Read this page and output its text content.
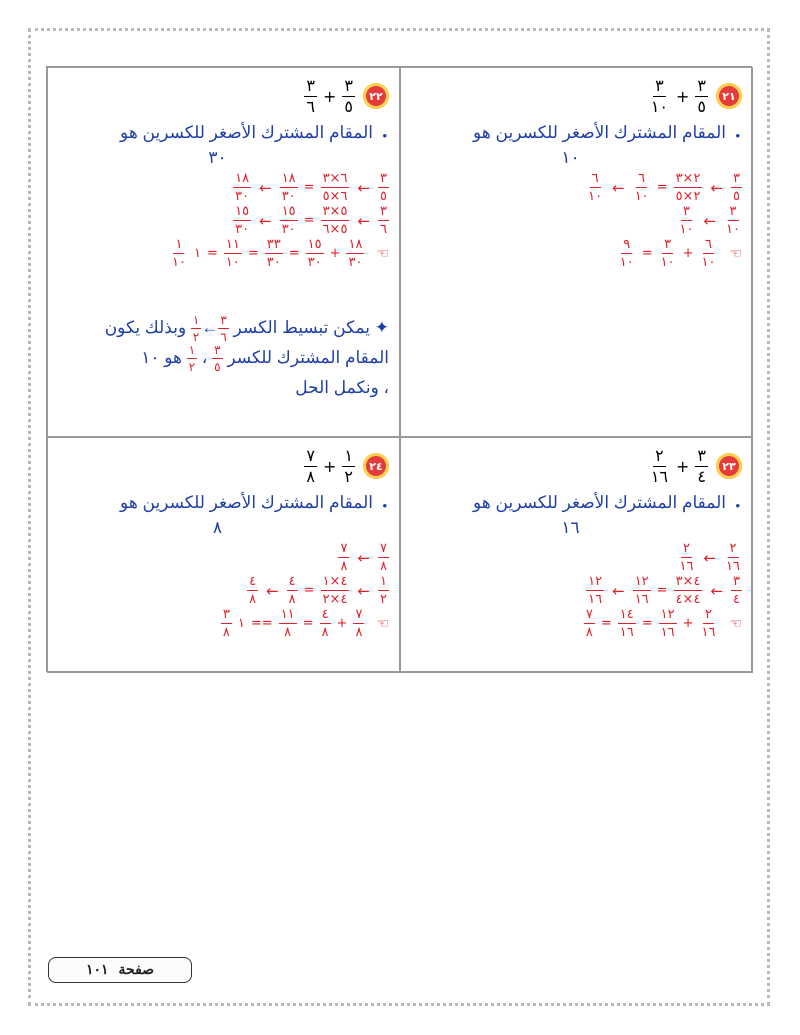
٢١
٣
١٠
+
٣
٥
•
المقام المشترك الأصغر للكسرين هو
١٠
٦
١٠ ← ٦
١٠
=
٢×٣
٢×٥ ← ٣
٥
٣
١٠ ← ٣
١٠
٩
١٠
=
٣
١٠
+
٦
١٠
☜
٢٢
٣
٦
+
٣
٥
•
المقام المشترك الأصغر للكسرين هو
٣٠
١٨
٣٠ ← ١٨
٣٠
=
٦×٣
٦×٥ ← ٣
٥
١٥
٣٠ ← ١٥
٣٠
=
٥×٣
٥×٦ ← ٣
٦
١
١٠
١ =
١١
١٠
=
٣٣
٣٠
=
١٥
٣٠
+
١٨
٣٠
☜
✦ يمكن تبسيط الكسر
٣
٦
←
١
٢
وبذلك يكون
المقام المشترك للكسر
٣
٥
،
١
٢
هو ١٠
، ونكمل الحل
٢٣
٢
١٦
+
٣
٤
•
المقام المشترك الأصغر للكسرين هو
١٦
٢
١٦ ← ٢
١٦
١٢
١٦ ← ١٢
١٦
=
٤×٣
٤×٤ ← ٣
٤
٧
٨
=
١٤
١٦
=
١٢
١٦
+
٢
١٦
☜
٢٤
٧
٨
+
١
٢
•
المقام المشترك الأصغر للكسرين هو
٨
٧
٨ ← ٧
٨
٤
٨ ← ٤
٨
=
٤×١
٤×٢ ← ١
٢
٣
٨
١ ==
١١
٨
=
٤
٨
+
٧
٨
☜
صفحة
١٠١
